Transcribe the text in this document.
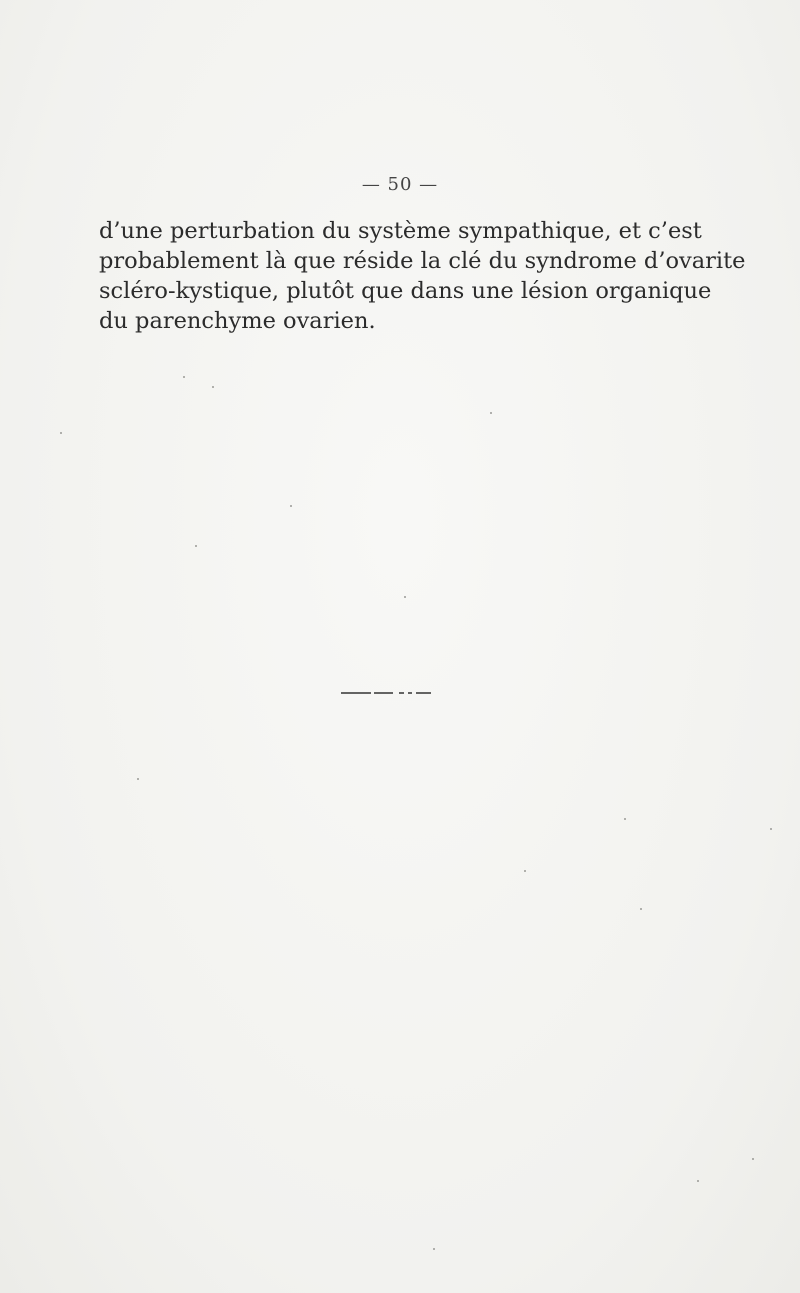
— 50 —

d’une perturbation du système sympathique, et c’est
probablement là que réside la clé du syndrome d’ovarite
scléro-kystique, plutôt que dans une lésion organique
du parenchyme ovarien.
